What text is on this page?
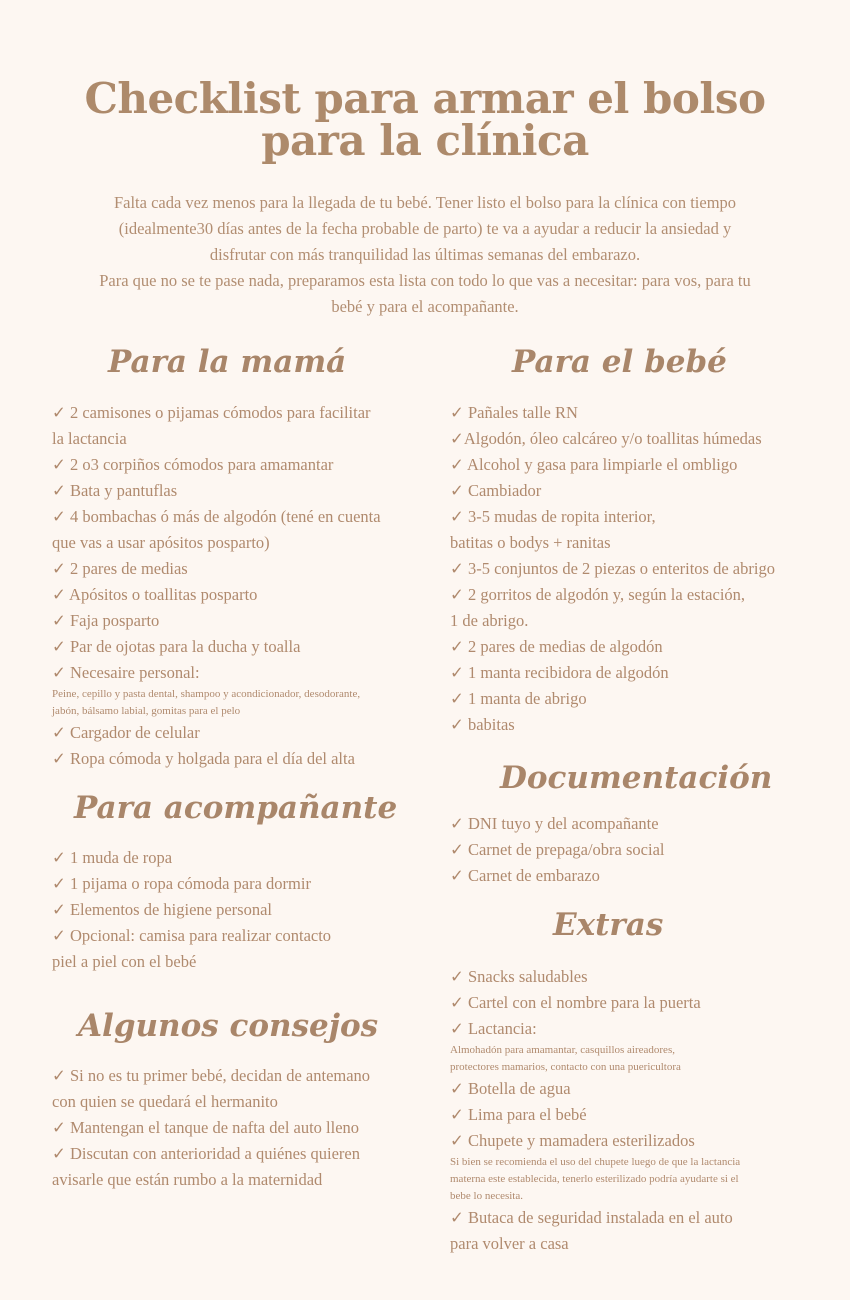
Checklist para armar el bolso
para la clínica
Falta cada vez menos para la llegada de tu bebé. Tener listo el bolso para la clínica con tiempo
(idealmente30 días antes de la fecha probable de parto) te va a ayudar a reducir la ansiedad y
disfrutar con más tranquilidad las últimas semanas del embarazo.
Para que no se te pase nada, preparamos esta lista con todo lo que vas a necesitar: para vos, para tu
bebé y para el acompañante.
Para la mamá
✓ 2 camisones o pijamas cómodos para facilitar
la lactancia
✓ 2 o3 corpiños cómodos para amamantar
✓ Bata y pantuflas
✓ 4 bombachas ó más de algodón (tené en cuenta
que vas a usar apósitos posparto)
✓ 2 pares de medias
✓ Apósitos o toallitas posparto
✓ Faja posparto
✓ Par de ojotas para la ducha y toalla
✓ Necesaire personal:
Peine, cepillo y pasta dental, shampoo y acondicionador, desodorante,
jabón, bálsamo labial, gomitas para el pelo
✓ Cargador de celular
✓ Ropa cómoda y holgada para el día del alta
Para acompañante
✓ 1 muda de ropa
✓ 1 pijama o ropa cómoda para dormir
✓ Elementos de higiene personal
✓ Opcional: camisa para realizar contacto
piel a piel con el bebé
Algunos consejos
✓ Si no es tu primer bebé, decidan de antemano
con quien se quedará el hermanito
✓ Mantengan el tanque de nafta del auto lleno
✓ Discutan con anterioridad a quiénes quieren
avisarle que están rumbo a la maternidad
Para el bebé
✓ Pañales talle RN
✓Algodón, óleo calcáreo y/o toallitas húmedas
✓ Alcohol y gasa para limpiarle el ombligo
✓ Cambiador
✓ 3-5 mudas de ropita interior,
batitas o bodys + ranitas
✓ 3-5 conjuntos de 2 piezas o enteritos de abrigo
✓ 2 gorritos de algodón y, según la estación,
1 de abrigo.
✓ 2 pares de medias de algodón
✓ 1 manta recibidora de algodón
✓ 1 manta de abrigo
✓ babitas
Documentación
✓ DNI tuyo y del acompañante
✓ Carnet de prepaga/obra social
✓ Carnet de embarazo
Extras
✓ Snacks saludables
✓ Cartel con el nombre para la puerta
✓ Lactancia:
Almohadón para amamantar, casquillos aireadores,
protectores mamarios, contacto con una puericultora
✓ Botella de agua
✓ Lima para el bebé
✓ Chupete y mamadera esterilizados
Si bien se recomienda el uso del chupete luego de que la lactancia
materna este establecida, tenerlo esterilizado podría ayudarte si el
bebe lo necesita.
✓ Butaca de seguridad instalada en el auto
para volver a casa
